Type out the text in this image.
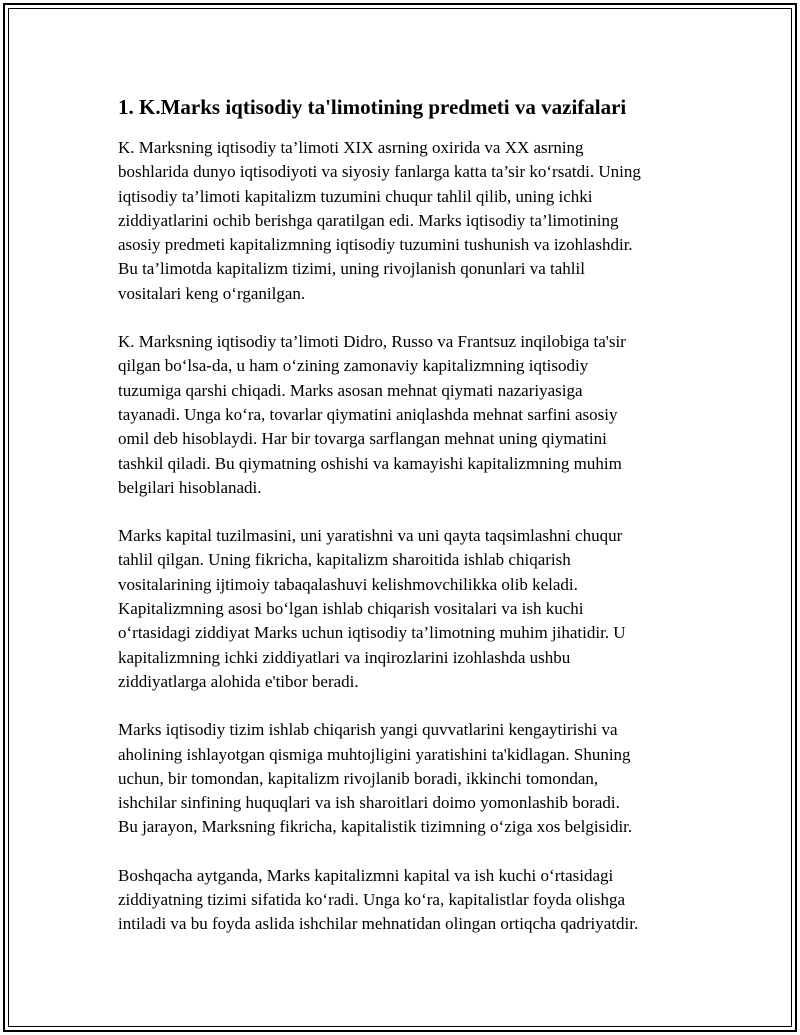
1. K.Marks iqtisodiy ta'limotining predmeti va vazifalari

K. Marksning iqtisodiy ta’limoti XIX asrning oxirida va XX asrning
boshlarida dunyo iqtisodiyoti va siyosiy fanlarga katta ta’sir ko‘rsatdi. Uning
iqtisodiy ta’limoti kapitalizm tuzumini chuqur tahlil qilib, uning ichki
ziddiyatlarini ochib berishga qaratilgan edi. Marks iqtisodiy ta’limotining
asosiy predmeti kapitalizmning iqtisodiy tuzumini tushunish va izohlashdir.
Bu ta’limotda kapitalizm tizimi, uning rivojlanish qonunlari va tahlil
vositalari keng o‘rganilgan.

K. Marksning iqtisodiy ta’limoti Didro, Russo va Frantsuz inqilobiga ta'sir
qilgan bo‘lsa-da, u ham o‘zining zamonaviy kapitalizmning iqtisodiy
tuzumiga qarshi chiqadi. Marks asosan mehnat qiymati nazariyasiga
tayanadi. Unga ko‘ra, tovarlar qiymatini aniqlashda mehnat sarfini asosiy
omil deb hisoblaydi. Har bir tovarga sarflangan mehnat uning qiymatini
tashkil qiladi. Bu qiymatning oshishi va kamayishi kapitalizmning muhim
belgilari hisoblanadi.

Marks kapital tuzilmasini, uni yaratishni va uni qayta taqsimlashni chuqur
tahlil qilgan. Uning fikricha, kapitalizm sharoitida ishlab chiqarish
vositalarining ijtimoiy tabaqalashuvi kelishmovchilikka olib keladi.
Kapitalizmning asosi bo‘lgan ishlab chiqarish vositalari va ish kuchi
o‘rtasidagi ziddiyat Marks uchun iqtisodiy ta’limotning muhim jihatidir. U
kapitalizmning ichki ziddiyatlari va inqirozlarini izohlashda ushbu
ziddiyatlarga alohida e'tibor beradi.

Marks iqtisodiy tizim ishlab chiqarish yangi quvvatlarini kengaytirishi va
aholining ishlayotgan qismiga muhtojligini yaratishini ta'kidlagan. Shuning
uchun, bir tomondan, kapitalizm rivojlanib boradi, ikkinchi tomondan,
ishchilar sinfining huquqlari va ish sharoitlari doimo yomonlashib boradi.
Bu jarayon, Marksning fikricha, kapitalistik tizimning o‘ziga xos belgisidir.

Boshqacha aytganda, Marks kapitalizmni kapital va ish kuchi o‘rtasidagi
ziddiyatning tizimi sifatida ko‘radi. Unga ko‘ra, kapitalistlar foyda olishga
intiladi va bu foyda aslida ishchilar mehnatidan olingan ortiqcha qadriyatdir.
